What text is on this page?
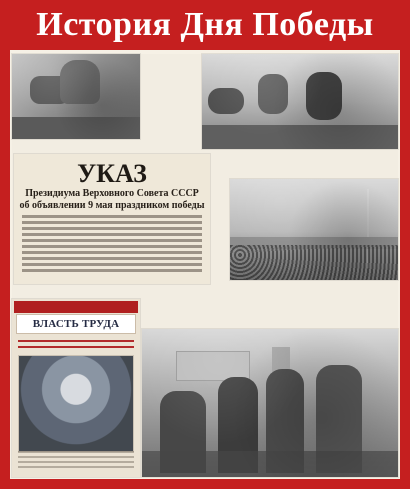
История Дня Победы
УКАЗ
Президиума Верховного Совета СССР
об объявлении 9 мая праздником победы
ВЛАСТЬ ТРУДА
